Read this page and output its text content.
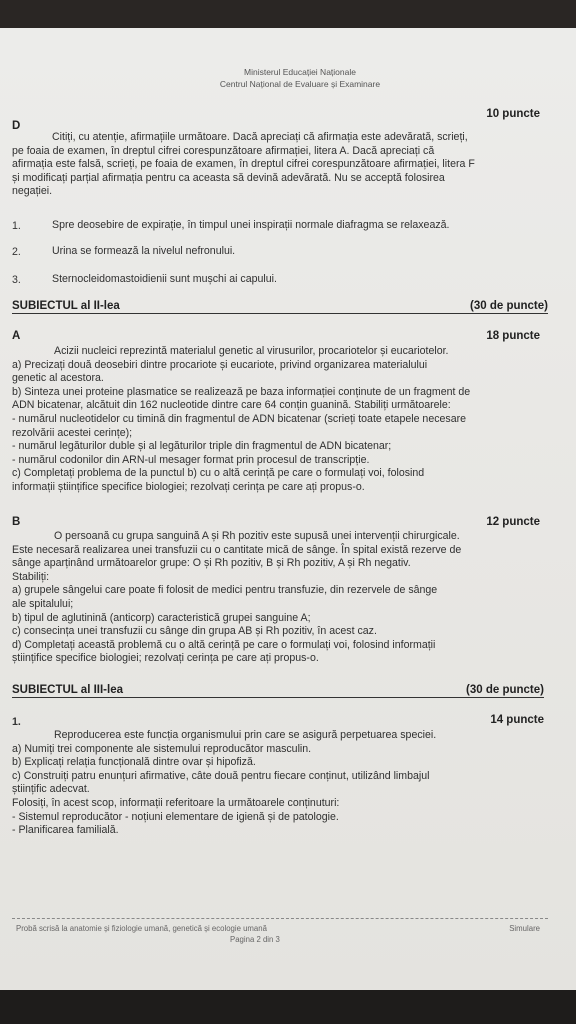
Ministerul Educației Naționale
Centrul Național de Evaluare și Examinare
10 puncte
D
Citiți, cu atenție, afirmațiile următoare. Dacă apreciați că afirmația este adevărată, scrieți,
pe foaia de examen, în dreptul cifrei corespunzătoare afirmației, litera A. Dacă apreciați că
afirmația este falsă, scrieți, pe foaia de examen, în dreptul cifrei corespunzătoare afirmației, litera F
și modificați parțial afirmația pentru ca aceasta să devină adevărată. Nu se acceptă folosirea
negației.
1.	Spre deosebire de expirație, în timpul unei inspirații normale diafragma se relaxează.
2.	Urina se formează la nivelul nefronului.
3.	Sternocleidomastoidienii sunt mușchi ai capului.
SUBIECTUL al II-lea	(30 de puncte)
A	18 puncte
Acizii nucleici reprezintă materialul genetic al virusurilor, procariotelor și eucariotelor.
a) Precizați două deosebiri dintre procariote și eucariote, privind organizarea materialului
genetic al acestora.
b) Sinteza unei proteine plasmatice se realizează pe baza informației conținute de un fragment de
ADN bicatenar, alcătuit din 162 nucleotide dintre care 64 conțin guanină. Stabiliți următoarele:
- numărul nucleotidelor cu timină din fragmentul de ADN bicatenar (scrieți toate etapele necesare
rezolvării acestei cerințe);
- numărul legăturilor duble și al legăturilor triple din fragmentul de ADN bicatenar;
- numărul codonilor din ARN-ul mesager format prin procesul de transcripție.
c) Completați problema de la punctul b) cu o altă cerință pe care o formulați voi, folosind
informații științifice specifice biologiei; rezolvați cerința pe care ați propus-o.
B	12 puncte
O persoană cu grupa sanguină A și Rh pozitiv este supusă unei intervenții chirurgicale.
Este necesară realizarea unei transfuzii cu o cantitate mică de sânge. În spital există rezerve de
sânge aparținând următoarelor grupe: O și Rh pozitiv, B și Rh pozitiv, A și Rh negativ.
Stabiliți:
a) grupele sângelui care poate fi folosit de medici pentru transfuzie, din rezervele de sânge
ale spitalului;
b) tipul de aglutinină (anticorp) caracteristică grupei sanguine A;
c) consecința unei transfuzii cu sânge din grupa AB și Rh pozitiv, în acest caz.
d) Completați această problemă cu o altă cerință pe care o formulați voi, folosind informații
științifice specifice biologiei; rezolvați cerința pe care ați propus-o.
SUBIECTUL al III-lea	(30 de puncte)
1.	14 puncte
Reproducerea este funcția organismului prin care se asigură perpetuarea speciei.
a) Numiți trei componente ale sistemului reproducător masculin.
b) Explicați relația funcțională dintre ovar și hipofiză.
c) Construiți patru enunțuri afirmative, câte două pentru fiecare conținut, utilizând limbajul
științific adecvat.
Folosiți, în acest scop, informații referitoare la următoarele conținuturi:
- Sistemul reproducător - noțiuni elementare de igienă și de patologie.
- Planificarea familială.
Probă scrisă la anatomie și fiziologie umană, genetică și ecologie umană	Simulare
Pagina 2 din 3
